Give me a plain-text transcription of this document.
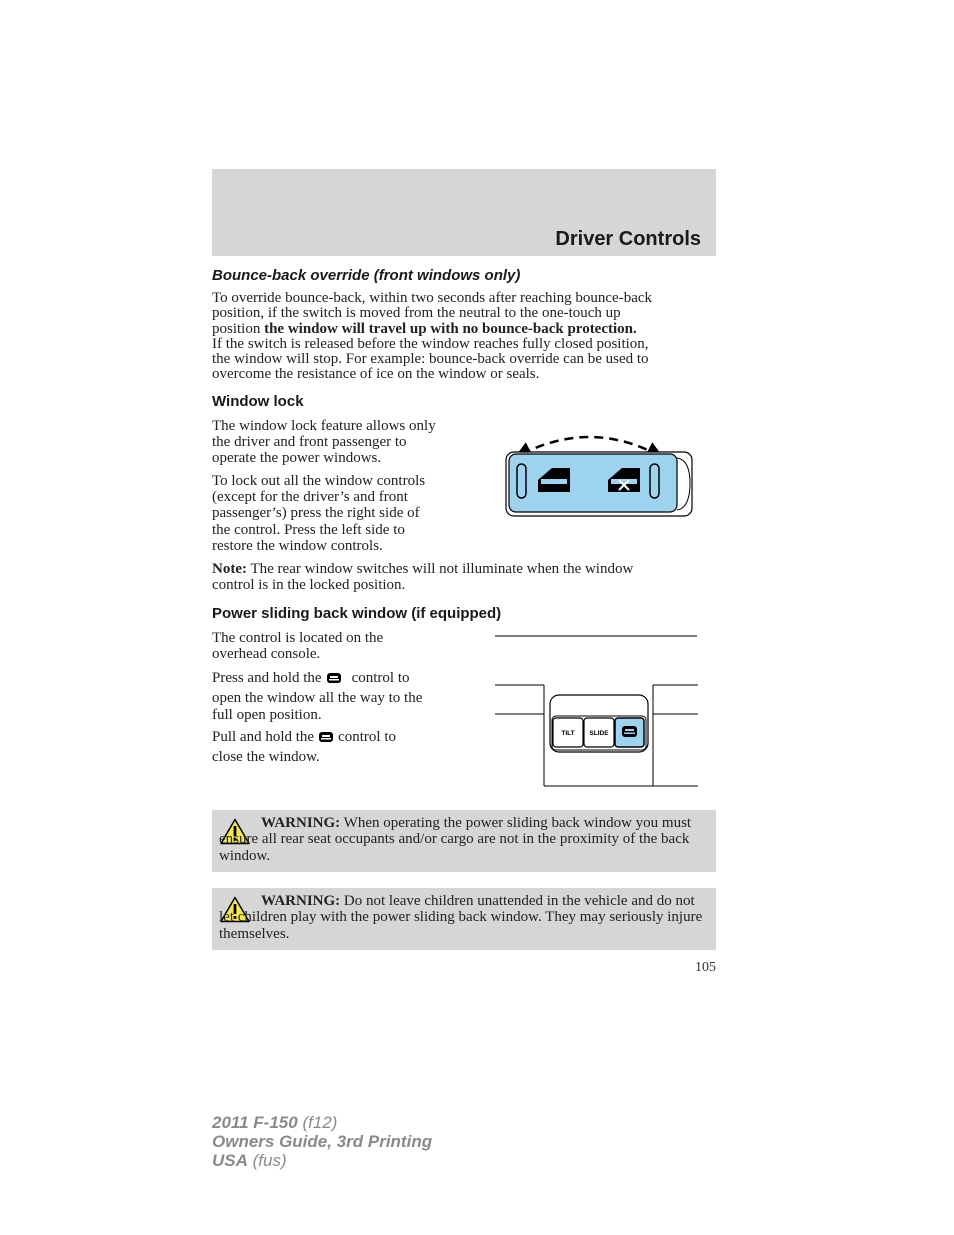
Driver Controls
Bounce-back override (front windows only)
To override bounce-back, within two seconds after reaching bounce-back
position, if the switch is moved from the neutral to the one-touch up
position the window will travel up with no bounce-back protection.
If the switch is released before the window reaches fully closed position,
the window will stop. For example: bounce-back override can be used to
overcome the resistance of ice on the window or seals.
Window lock
The window lock feature allows only
the driver and front passenger to
operate the power windows.
To lock out all the window controls
(except for the driver’s and front
passenger’s) press the right side of
the control. Press the left side to
restore the window controls.
Note: The rear window switches will not illuminate when the window
control is in the locked position.
Power sliding back window (if equipped)
The control is located on the
overhead console.
Press and hold the control to
open the window all the way to the
full open position.
Pull and hold the control to
close the window.
TILT SLIDE

WARNING: When operating the power sliding back window you must ensure all rear seat occupants and/or cargo are not in the proximity of the back window.

WARNING: Do not leave children unattended in the vehicle and do not let children play with the power sliding back window. They may seriously injure themselves.

105
2011 F-150 (f12)
Owners Guide, 3rd Printing
USA (fus)
